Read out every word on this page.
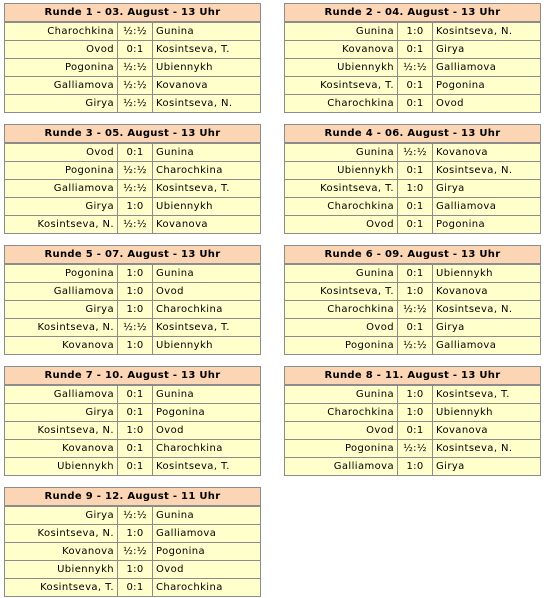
Runde 1 - 03. August - 13 Uhr
Charochkina ½:½ Gunina
Ovod	0:1	Kosintseva, T.
Pogonina ½:½ Ubiennykh
Galliamova ½:½ Kovanova
Girya ½:½ Kosintseva, N.
Runde 2 - 04. August - 13 Uhr
Gunina	1:0	Kosintseva, N.
Kovanova	0:1	Girya
Ubiennykh ½:½ Galliamova
Kosintseva, T.	0:1	Pogonina
Charochkina	0:1	Ovod
Runde 3 - 05. August - 13 Uhr
Ovod	0:1	Gunina
Pogonina ½:½ Charochkina
Galliamova ½:½ Kosintseva, T.
Girya	1:0	Ubiennykh
Kosintseva, N. ½:½ Kovanova
Runde 4 - 06. August - 13 Uhr
Gunina ½:½ Kovanova
Ubiennykh	0:1	Kosintseva, N.
Kosintseva, T.	1:0	Girya
Charochkina	0:1	Galliamova
Ovod	0:1	Pogonina
Runde 5 - 07. August - 13 Uhr
Pogonina	1:0	Gunina
Galliamova	1:0	Ovod
Girya	1:0	Charochkina
Kosintseva, N. ½:½ Kosintseva, T.
Kovanova	1:0	Ubiennykh
Runde 6 - 09. August - 13 Uhr
Gunina	0:1	Ubiennykh
Kosintseva, T.	1:0	Kovanova
Charochkina ½:½ Kosintseva, N.
Ovod	0:1	Girya
Pogonina ½:½ Galliamova
Runde 7 - 10. August - 13 Uhr
Galliamova	0:1	Gunina
Girya	0:1	Pogonina
Kosintseva, N.	1:0	Ovod
Kovanova	0:1	Charochkina
Ubiennykh	0:1	Kosintseva, T.
Runde 8 - 11. August - 13 Uhr
Gunina	1:0	Kosintseva, T.
Charochkina	1:0	Ubiennykh
Ovod	0:1	Kovanova
Pogonina ½:½ Kosintseva, N.
Galliamova	1:0	Girya
Runde 9 - 12. August - 11 Uhr
Girya ½:½ Gunina
Kosintseva, N.	1:0	Galliamova
Kovanova ½:½ Pogonina
Ubiennykh	1:0	Ovod
Kosintseva, T.	0:1	Charochkina
